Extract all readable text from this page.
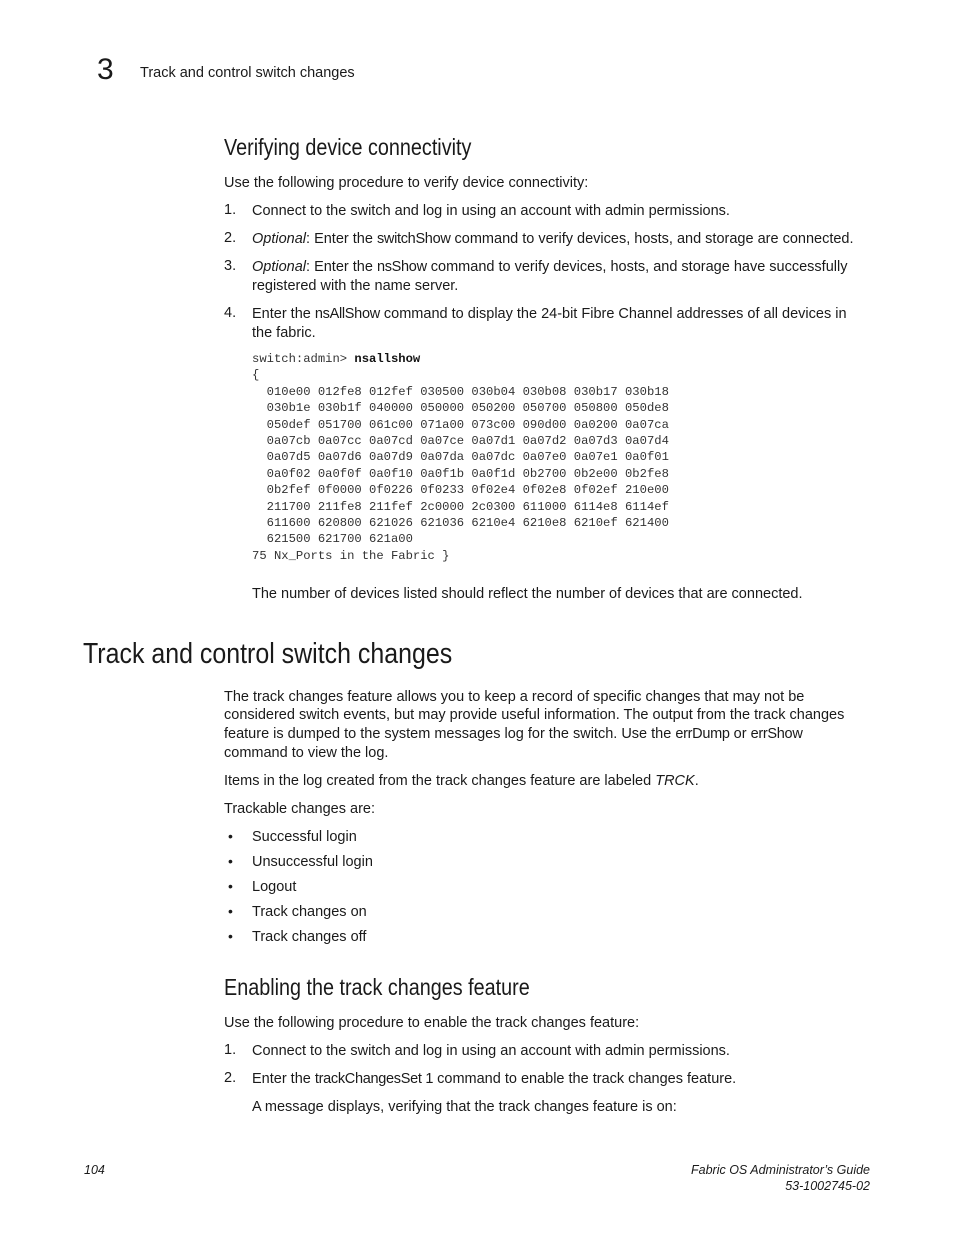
3 Track and control switch changes
Verifying device connectivity
Use the following procedure to verify device connectivity:
1. Connect to the switch and log in using an account with admin permissions.
2. Optional: Enter the switchShow command to verify devices, hosts, and storage are connected.
3. Optional: Enter the nsShow command to verify devices, hosts, and storage have successfully
registered with the name server.
4. Enter the nsAllShow command to display the 24-bit Fibre Channel addresses of all devices in
the fabric.
switch:admin> nsallshow
{
010e00 012fe8 012fef 030500 030b04 030b08 030b17 030b18
030b1e 030b1f 040000 050000 050200 050700 050800 050de8
050def 051700 061c00 071a00 073c00 090d00 0a0200 0a07ca
0a07cb 0a07cc 0a07cd 0a07ce 0a07d1 0a07d2 0a07d3 0a07d4
0a07d5 0a07d6 0a07d9 0a07da 0a07dc 0a07e0 0a07e1 0a0f01
0a0f02 0a0f0f 0a0f10 0a0f1b 0a0f1d 0b2700 0b2e00 0b2fe8
0b2fef 0f0000 0f0226 0f0233 0f02e4 0f02e8 0f02ef 210e00
211700 211fe8 211fef 2c0000 2c0300 611000 6114e8 6114ef
611600 620800 621026 621036 6210e4 6210e8 6210ef 621400
621500 621700 621a00
75 Nx_Ports in the Fabric }
The number of devices listed should reflect the number of devices that are connected.
Track and control switch changes
The track changes feature allows you to keep a record of specific changes that may not be
considered switch events, but may provide useful information. The output from the track changes
feature is dumped to the system messages log for the switch. Use the errDump or errShow
command to view the log.
Items in the log created from the track changes feature are labeled TRCK.
Trackable changes are:
• Successful login
• Unsuccessful login
• Logout
• Track changes on
• Track changes off
Enabling the track changes feature
Use the following procedure to enable the track changes feature:
1. Connect to the switch and log in using an account with admin permissions.
2. Enter the trackChangesSet 1 command to enable the track changes feature.
A message displays, verifying that the track changes feature is on:
104	Fabric OS Administrator’s Guide
53-1002745-02
